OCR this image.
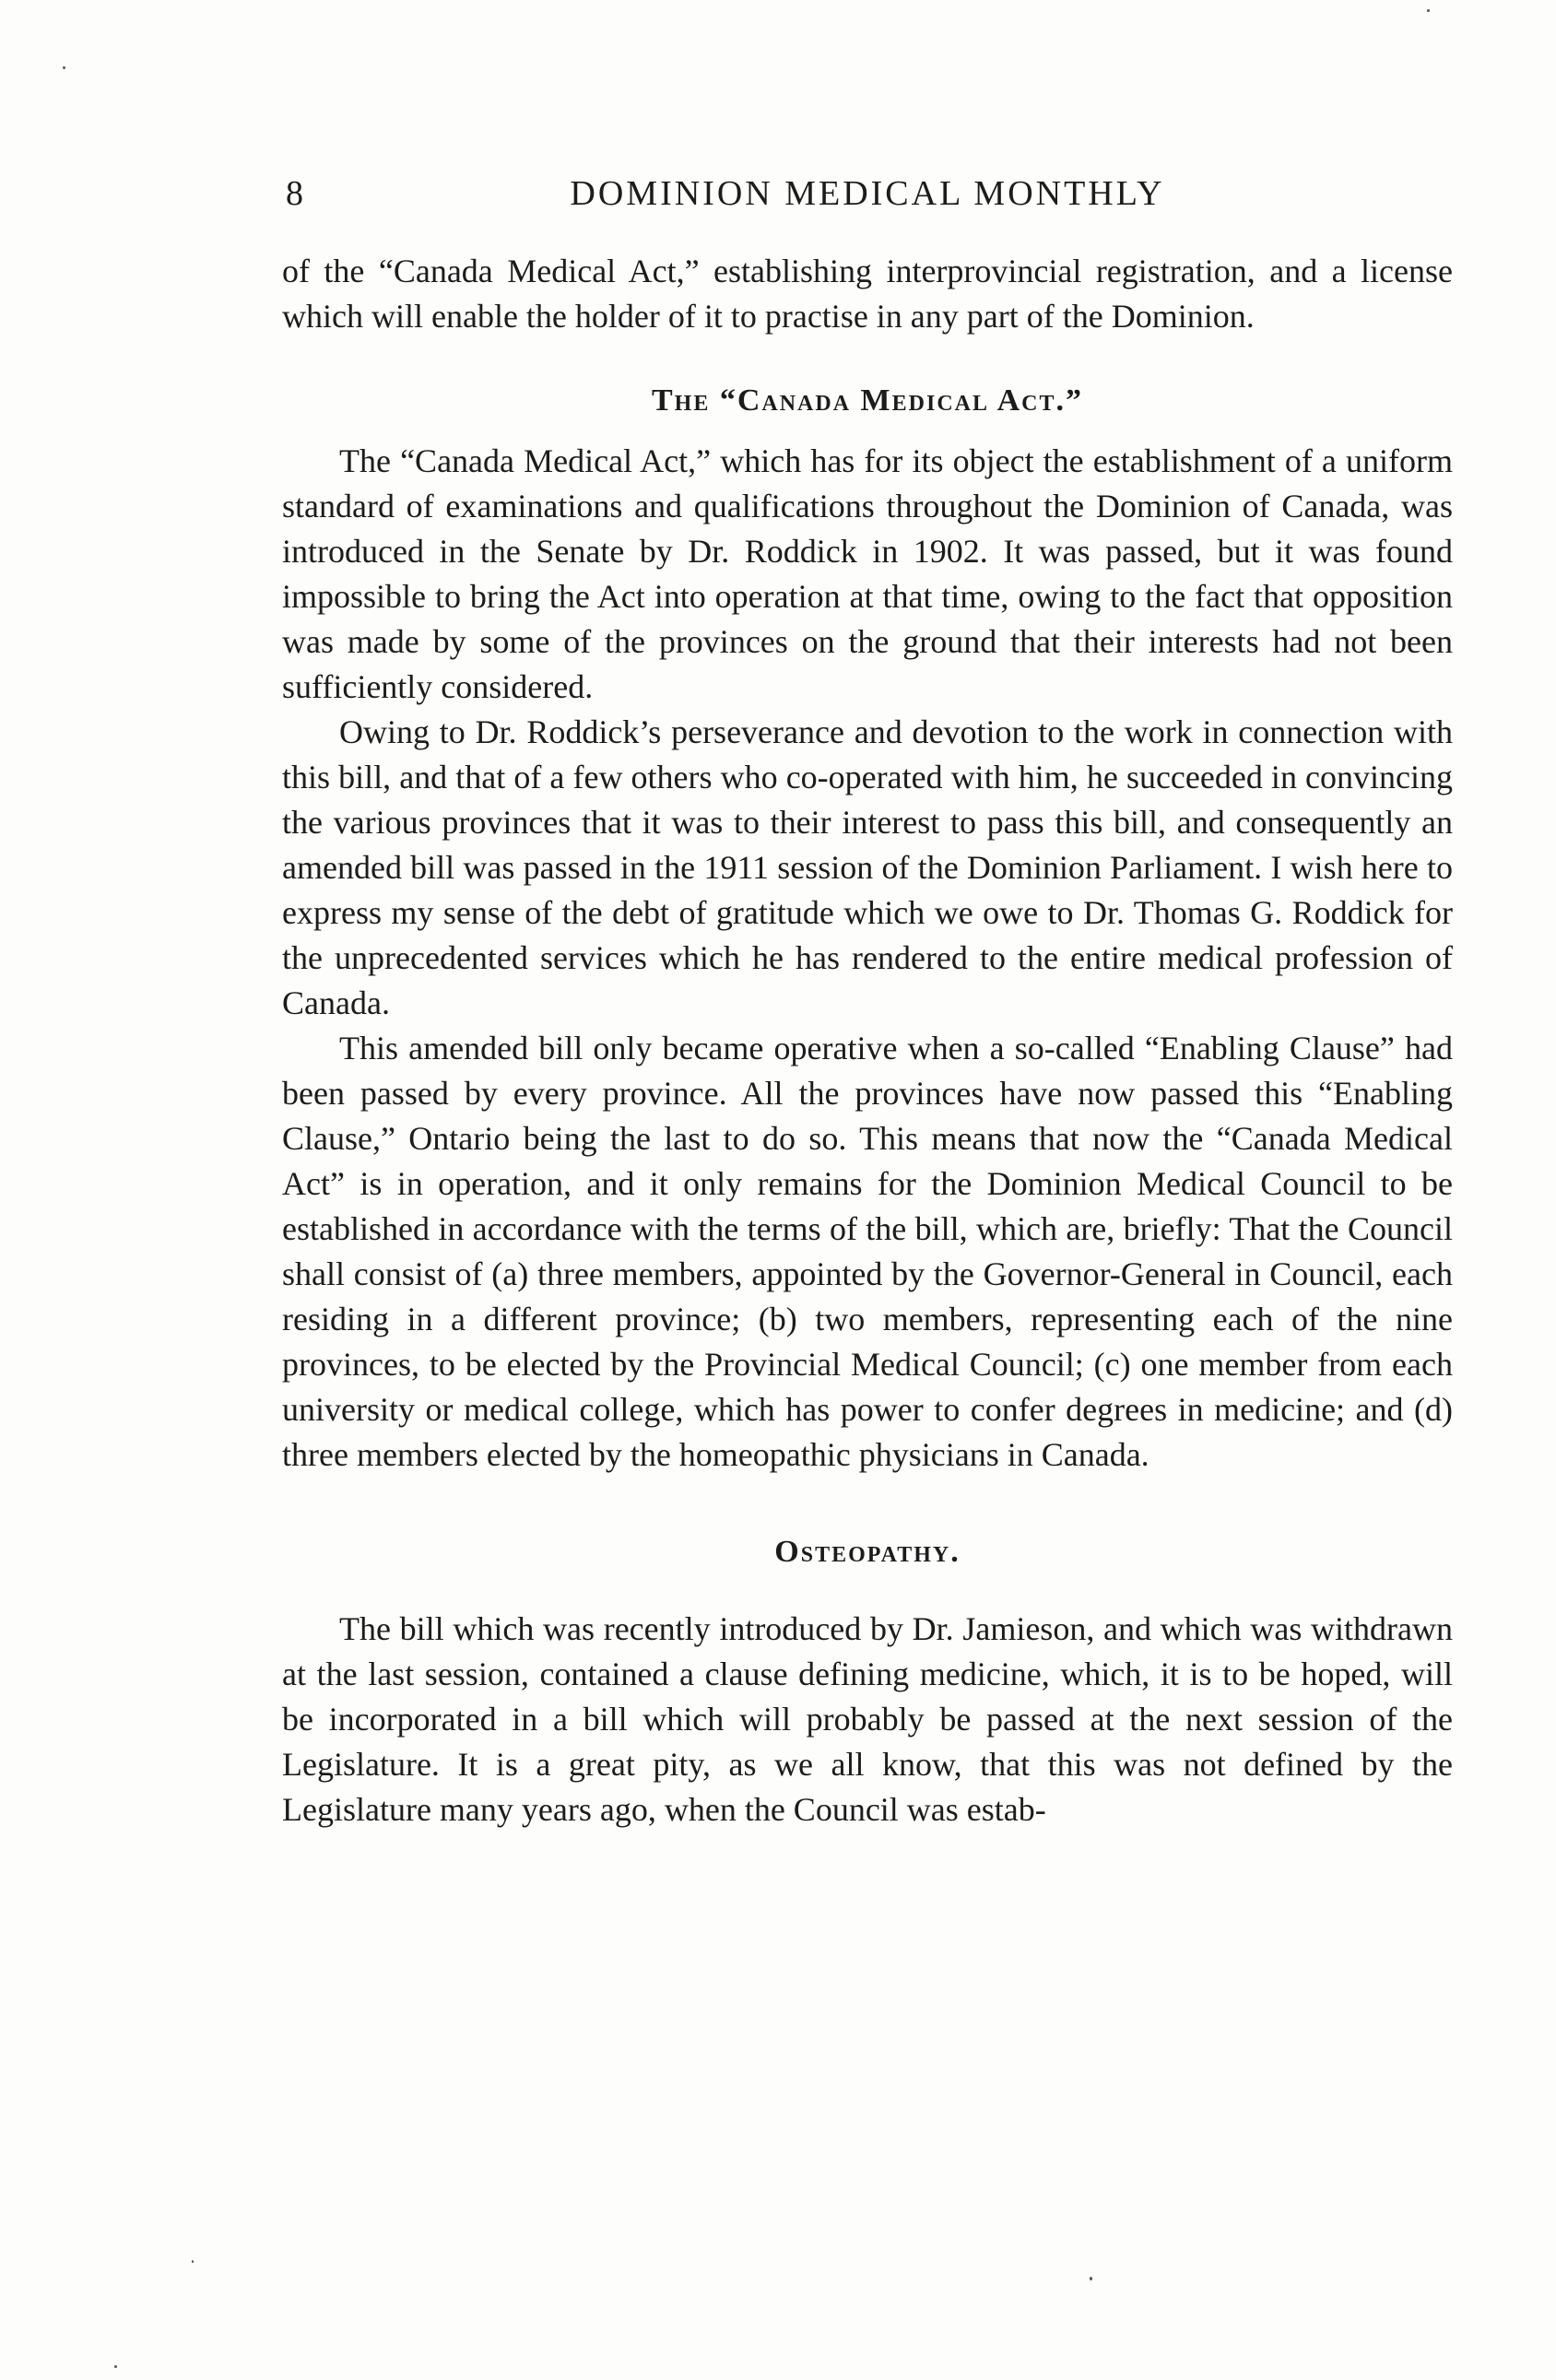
8	DOMINION MEDICAL MONTHLY

of the “Canada Medical Act,” establishing interprovincial registration, and a license which will enable the holder of it to practise in any part of the Dominion.

The “Canada Medical Act.”

The “Canada Medical Act,” which has for its object the establishment of a uniform standard of examinations and qualifications throughout the Dominion of Canada, was introduced in the Senate by Dr. Roddick in 1902. It was passed, but it was found impossible to bring the Act into operation at that time, owing to the fact that opposition was made by some of the provinces on the ground that their interests had not been sufficiently considered.

Owing to Dr. Roddick’s perseverance and devotion to the work in connection with this bill, and that of a few others who co-operated with him, he succeeded in convincing the various provinces that it was to their interest to pass this bill, and consequently an amended bill was passed in the 1911 session of the Dominion Parliament. I wish here to express my sense of the debt of gratitude which we owe to Dr. Thomas G. Roddick for the unprecedented services which he has rendered to the entire medical profession of Canada.

This amended bill only became operative when a so-called “Enabling Clause” had been passed by every province. All the provinces have now passed this “Enabling Clause,” Ontario being the last to do so. This means that now the “Canada Medical Act” is in operation, and it only remains for the Dominion Medical Council to be established in accordance with the terms of the bill, which are, briefly: That the Council shall consist of (a) three members, appointed by the Governor-General in Council, each residing in a different province; (b) two members, representing each of the nine provinces, to be elected by the Provincial Medical Council; (c) one member from each university or medical college, which has power to confer degrees in medicine; and (d) three members elected by the homeopathic physicians in Canada.

Osteopathy.

The bill which was recently introduced by Dr. Jamieson, and which was withdrawn at the last session, contained a clause defining medicine, which, it is to be hoped, will be incorporated in a bill which will probably be passed at the next session of the Legislature. It is a great pity, as we all know, that this was not defined by the Legislature many years ago, when the Council was estab-
